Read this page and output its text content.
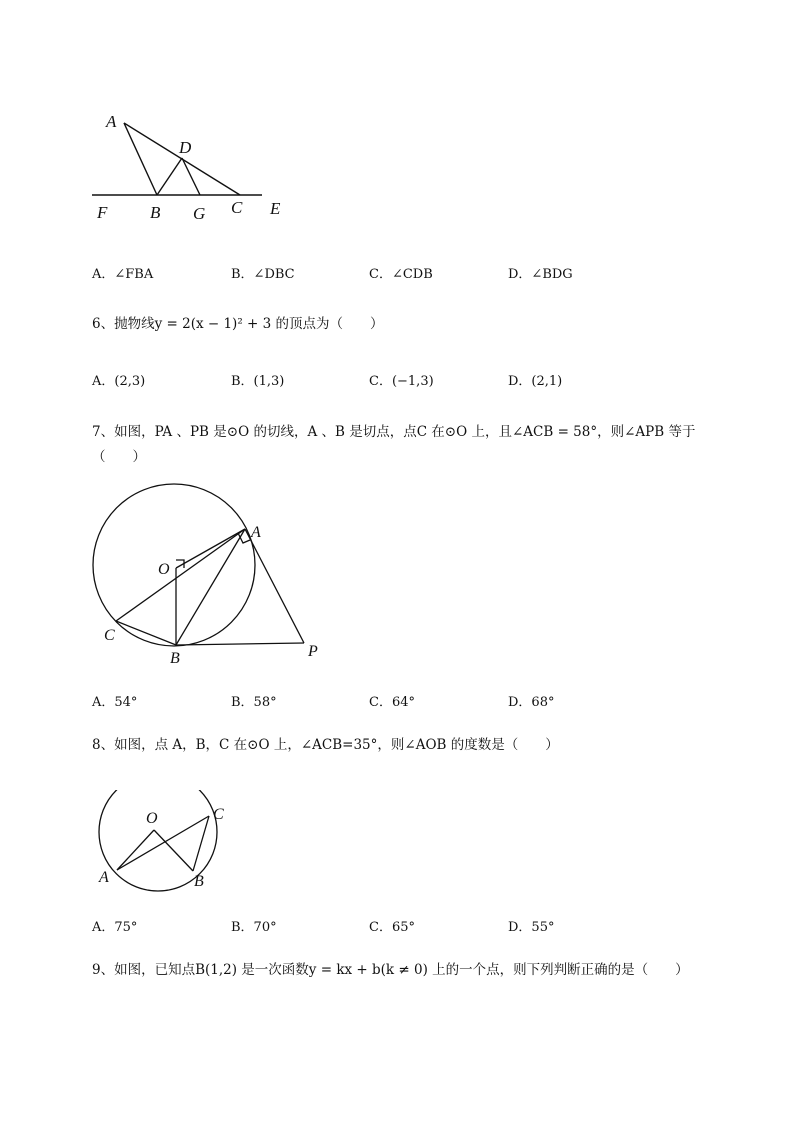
A
D
F	B G C E
A．∠FBA	B．∠DBC	C．∠CDB	D．∠BDG
6、抛物线y = 2(x − 1)² + 3 的顶点为（　　）
A．(2,3)	B．(1,3)	C．(−1,3)	D．(2,1)
7、如图，PA 、PB 是⊙O 的切线，A 、B 是切点，点C 在⊙O 上，且∠ACB = 58°，则∠APB 等于
（　　）
O
A
C
B	P
A．54°	B．58°	C．64°	D．68°
8、如图，点 A，B，C 在⊙O 上，∠ACB=35°，则∠AOB 的度数是（　　）
O	C
A	B
A．75°	B．70°	C．65°	D．55°
9、如图，已知点B(1,2) 是一次函数y = kx + b(k ≠ 0) 上的一个点，则下列判断正确的是（　　）
